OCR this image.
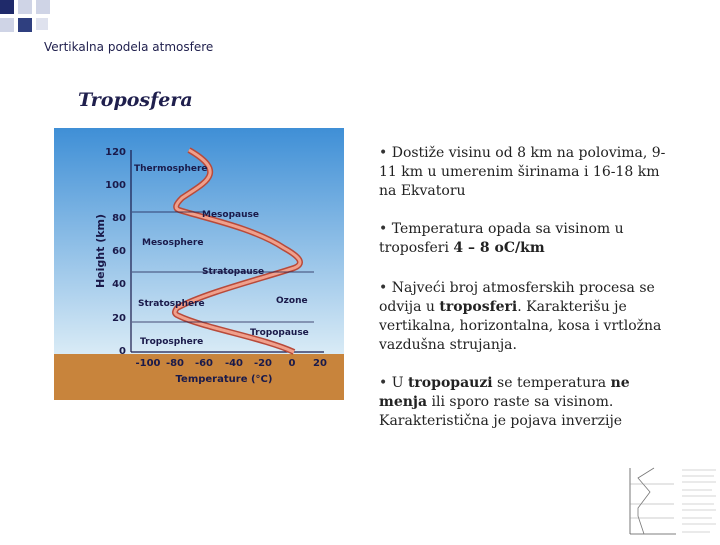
Vertikalna podela atmosfere
Troposfera
120
100
80
60
40
20
0
Height (km)
-100 -80 -60 -40 -20 0 20
Temperature (°C)
Thermosphere
Mesopause
Mesosphere
Stratopause
Stratosphere	Ozone
Tropopause
Troposphere
• Dostiže visinu od 8 km na polovima, 9-11 km u umerenim širinama i 16-18 km na Ekvatoru
• Temperatura opada sa visinom u troposferi 4 – 8 oC/km
• Najveći broj atmosferskih procesa se odvija u troposferi. Karakterišu je vertikalna, horizontalna, kosa i vrtložna vazdušna strujanja.
• U tropopauzi se temperatura ne menja ili sporo raste sa visinom. Karakteristična je pojava inverzije
